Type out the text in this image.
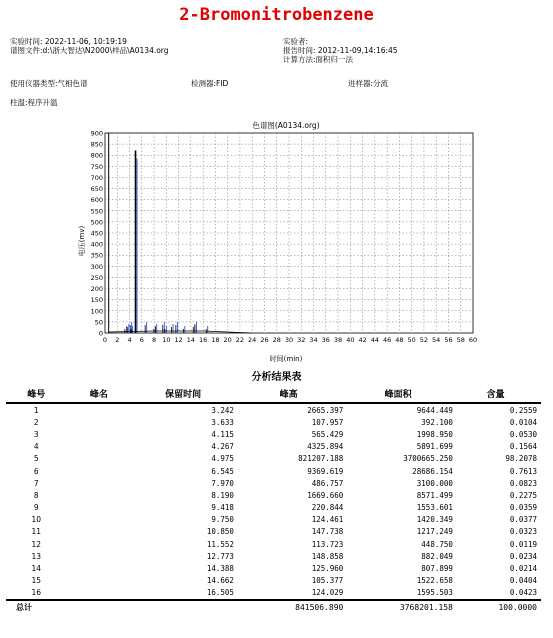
2-Bromonitrobenzene
实验时间: 2022-11-06, 10:19:19
谱图文件:d:\浙大智达\N2000\样品\A0134.org
实验者:
报告时间: 2012-11-09,14:16:45
计算方法:面积归一法
使用仪器类型:气相色谱	检测器:FID	进样器:分流
柱温:程序升温
色谱图(A0134.org)
0
50
100
150
200
250
300
350
400
450
500
550
600
650
700
750
800
850
900
0 2 4 6 8 10 12 14 16 18 20 22 24 26 28 30 32 34 36 38 40 42 44 46 48 50 52 54 56 58 60
时间(min)
电压(mv)
分析结果表
峰号	峰名	保留时间	峰高	峰面积	含量
1		3.242	2665.397	9644.449	0.2559
2		3.633	107.957	392.100	0.0104
3		4.115	565.429	1998.950	0.0530
4		4.267	4325.894	5891.699	0.1564
5		4.975	821207.188	3700665.250	98.2078
6		6.545	9369.619	28686.154	0.7613
7		7.970	486.757	3100.000	0.0823
8		8.190	1669.660	8571.499	0.2275
9		9.418	220.844	1553.601	0.0359
10		9.750	124.461	1420.349	0.0377
11		10.850	147.738	1217.249	0.0323
12		11.552	113.723	448.750	0.0119
13		12.773	148.858	882.049	0.0234
14		14.388	125.960	807.899	0.0214
15		14.662	105.377	1522.658	0.0404
16		16.505	124.029	1595.503	0.0423
总计			841506.890	3768201.158	100.0000
